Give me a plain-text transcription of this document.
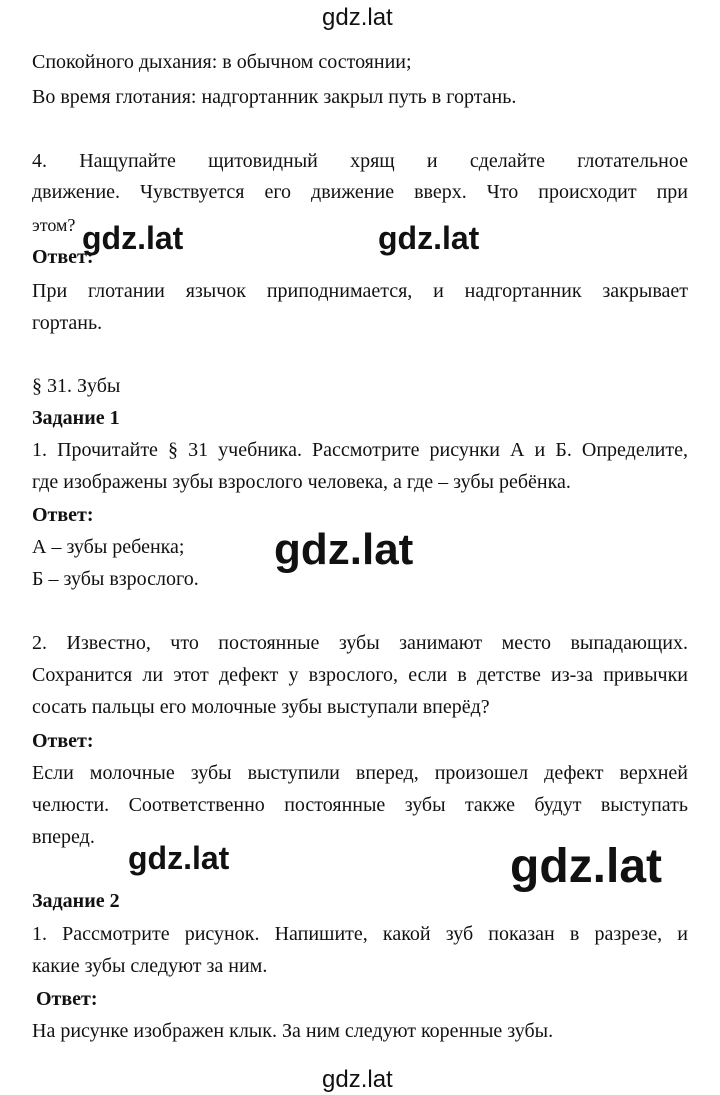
gdz.lat
gdz.lat	gdz.lat
gdz.lat
gdz.lat	gdz.lat
gdz.lat
Спокойного дыхания: в обычном состоянии;
Во время глотания: надгортанник закрыл путь в гортань.
4. Нащупайте щитовидный хрящ и сделайте глотательное
движение. Чувствуется его движение вверх. Что происходит при
этом?
Ответ:
При глотании язычок приподнимается, и надгортанник закрывает
гортань.
§ 31. Зубы
Задание 1
1. Прочитайте § 31 учебника. Рассмотрите рисунки А и Б. Определите,
где изображены зубы взрослого человека, а где – зубы ребёнка.
Ответ:
А – зубы ребенка;
Б – зубы взрослого.
2. Известно, что постоянные зубы занимают место выпадающих.
Сохранится ли этот дефект у взрослого, если в детстве из-за привычки
сосать пальцы его молочные зубы выступали вперёд?
Ответ:
Если молочные зубы выступили вперед, произошел дефект верхней
челюсти. Соответственно постоянные зубы также будут выступать
вперед.
Задание 2
1. Рассмотрите рисунок. Напишите, какой зуб показан в разрезе, и
какие зубы следуют за ним.
Ответ:
На рисунке изображен клык. За ним следуют коренные зубы.
